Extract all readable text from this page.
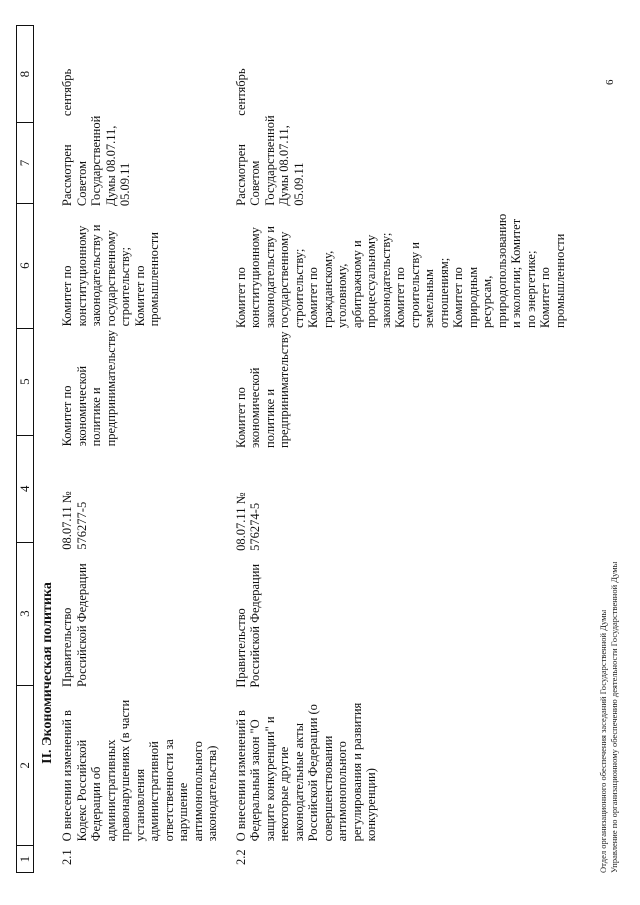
1
2
3
4
5
6
7
8
II. Экономическая политика
2.1
О внесении изменений в Кодекс Российской Федерации об административных правонарушениях (в части установления административной ответственности за нарушение антимонопольного законодательства)
Правительство Российской Федерации
08.07.11 № 576277-5
Комитет по экономической политике и предпринимательству
Комитет по конституционному законодательству и государственному строительству; Комитет по промышленности
Рассмотрен Советом Государственной Думы 08.07.11, 05.09.11
сентябрь
2.2
О внесении изменений в Федеральный закон "О защите конкуренции" и некоторые другие законодательные акты Российской Федерации (о совершенствовании антимонопольного регулирования и развития конкуренции)
Правительство Российской Федерации
08.07.11 № 576274-5
Комитет по экономической политике и предпринимательству
Комитет по конституционному законодательству и государственному строительству; Комитет по гражданскому, уголовному, арбитражному и процессуальному законодательству; Комитет по строительству и земельным отношениям; Комитет по природным ресурсам, природопользованию и экологии; Комитет по энергетике; Комитет по промышленности
Рассмотрен Советом Государственной Думы 08.07.11, 05.09.11
сентябрь
Отдел организационного обеспечения заседаний Государственной Думы Управление по организационному обеспечению деятельности Государственной Думы
6
